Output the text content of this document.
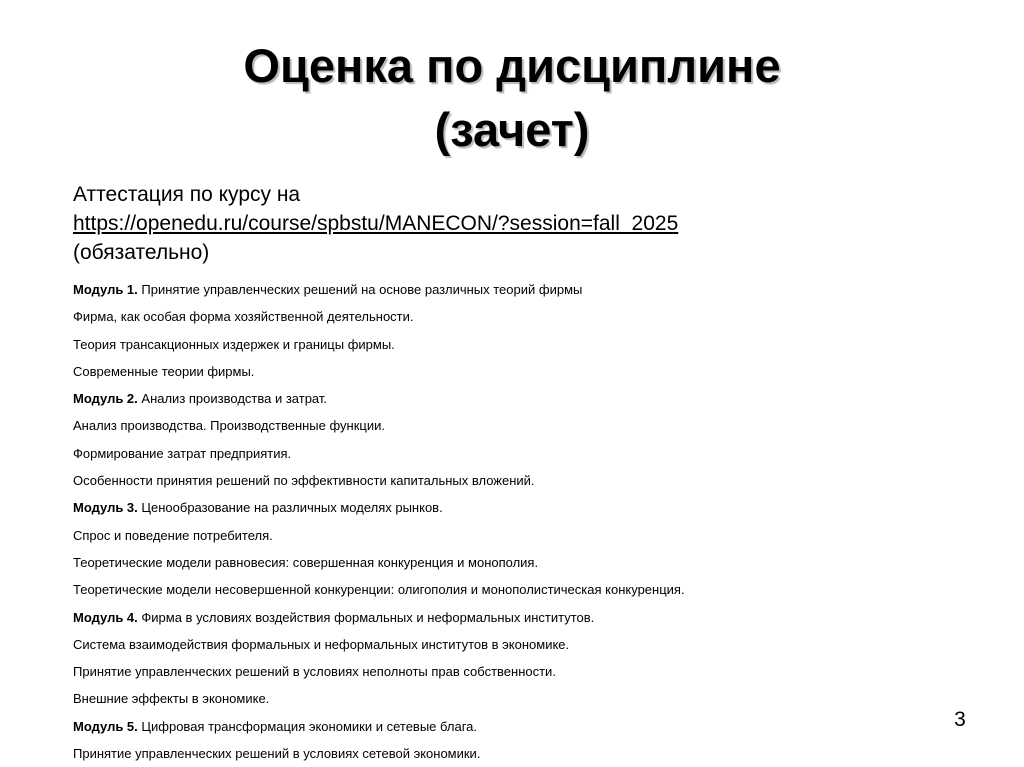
Оценка по дисциплине
(зачет)
Аттестация по курсу на
https://openedu.ru/course/spbstu/MANECON/?session=fall_2025
(обязательно)
Модуль 1. Принятие управленческих решений на основе различных теорий фирмы
Фирма, как особая форма хозяйственной деятельности.
Теория трансакционных издержек и границы фирмы.
Современные теории фирмы.
Модуль 2. Анализ производства и затрат.
Анализ производства. Производственные функции.
Формирование затрат предприятия.
Особенности принятия решений по эффективности капитальных вложений.
Модуль 3. Ценообразование на различных моделях рынков.
Спрос и поведение потребителя.
Теоретические модели равновесия: совершенная конкуренция и монополия.
Теоретические модели несовершенной конкуренции: олигополия и монополистическая конкуренция.
Модуль 4. Фирма в условиях воздействия формальных и неформальных институтов.
Система взаимодействия формальных и неформальных институтов в экономике.
Принятие управленческих решений в условиях неполноты прав собственности.
Внешние эффекты в экономике.
Модуль 5. Цифровая трансформация экономики и сетевые блага.
Принятие управленческих решений в условиях сетевой экономики.
3
